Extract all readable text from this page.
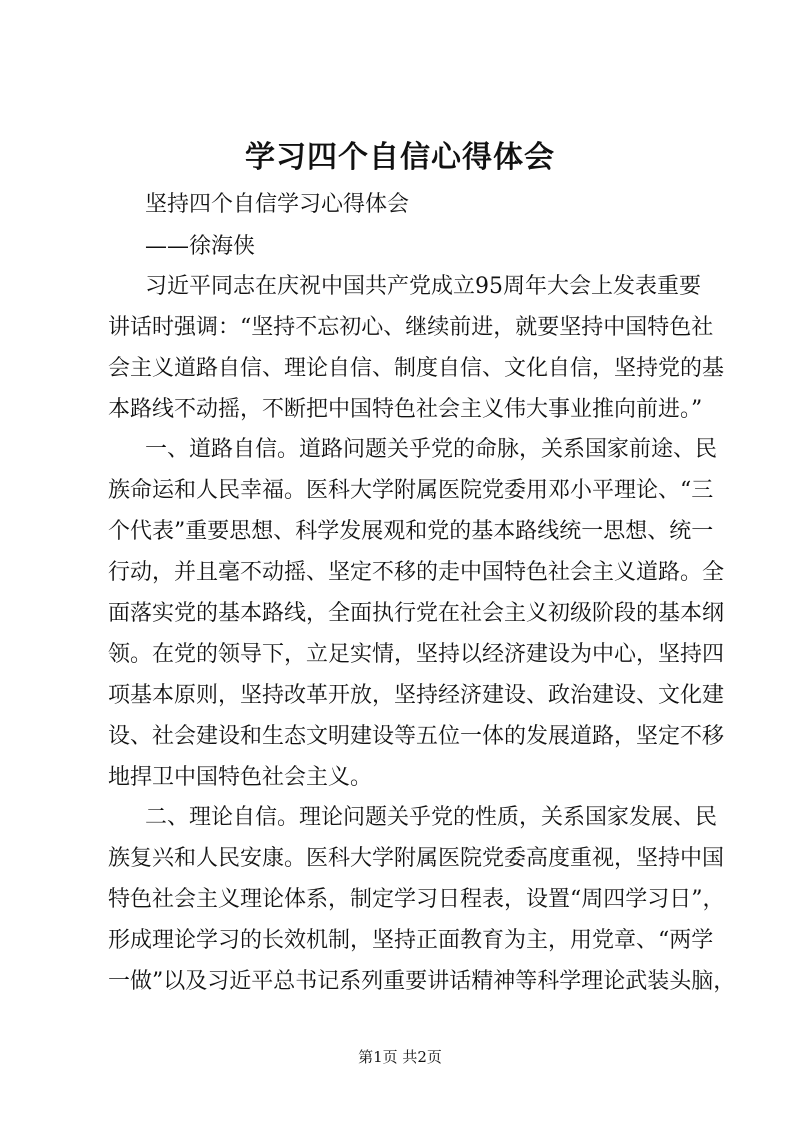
学习四个自信心得体会
坚持四个自信学习心得体会
——徐海侠
习近平同志在庆祝中国共产党成立95周年大会上发表重要
讲话时强调：“坚持不忘初心、继续前进，就要坚持中国特色社
会主义道路自信、理论自信、制度自信、文化自信，坚持党的基
本路线不动摇，不断把中国特色社会主义伟大事业推向前进。”
一、道路自信。道路问题关乎党的命脉，关系国家前途、民
族命运和人民幸福。医科大学附属医院党委用邓小平理论、“三
个代表”重要思想、科学发展观和党的基本路线统一思想、统一
行动，并且毫不动摇、坚定不移的走中国特色社会主义道路。全
面落实党的基本路线，全面执行党在社会主义初级阶段的基本纲
领。在党的领导下，立足实情，坚持以经济建设为中心，坚持四
项基本原则，坚持改革开放，坚持经济建设、政治建设、文化建
设、社会建设和生态文明建设等五位一体的发展道路，坚定不移
地捍卫中国特色社会主义。
二、理论自信。理论问题关乎党的性质，关系国家发展、民
族复兴和人民安康。医科大学附属医院党委高度重视，坚持中国
特色社会主义理论体系，制定学习日程表，设置“周四学习日”，
形成理论学习的长效机制，坚持正面教育为主，用党章、“两学
一做”以及习近平总书记系列重要讲话精神等科学理论武装头脑，
第1页 共2页
